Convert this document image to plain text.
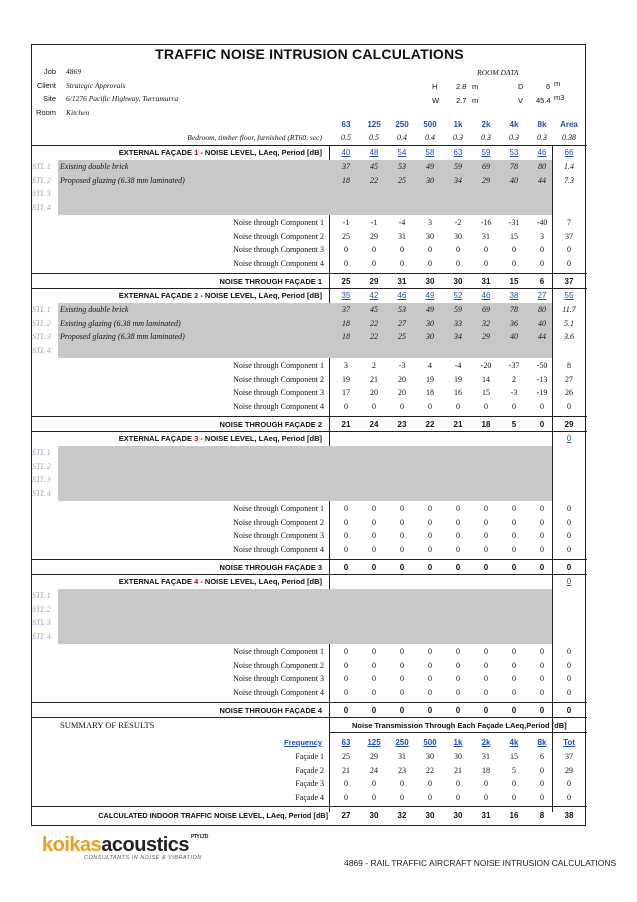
TRAFFIC NOISE INTRUSION CALCULATIONS
Job 4869
Client Strategic Approvals
Site 6/1276 Pacific Highway, Turramurra
Room Kitchen
ROOM DATA
H 2.8 m	D	6 m
W 2.7 m	V 45.4 m3
63	125	250	500	1k	2k	4k	8k	Area
Bedroom, timber floor, furnished (RT60, sec)	0.5	0.5	0.4	0.4	0.3	0.3	0.3	0.3	0.38
EXTERNAL FAÇADE 1 - NOISE LEVEL, LAeq, Period [dB]	40	48	54	58	63	59	53	46	66
STL 1 Existing double brick	37	45	53	49	59	69	78	80	1.4
STL 2 Proposed glazing (6.38 mm laminated)	18	22	25	30	34	29	40	44	7.3
STL 3
STL 4
Noise through Component 1	-1	-1	-4	3	-2	-16	-31	-40	7
Noise through Component 2	25	29	31	30	30	31	15	3	37
Noise through Component 3	0	0	0	0	0	0	0	0	0
Noise through Component 4	0	0	0	0	0	0	0	0	0
NOISE THROUGH FAÇADE 1	25	29	31	30	30	31	15	6	37
EXTERNAL FAÇADE 2 - NOISE LEVEL, LAeq, Period [dB]	35	42	46	49	52	46	38	27	55
STL 1 Existing double brick	37	45	53	49	59	69	78	80	11.7
STL 2 Existing glazing (6.38 mm laminated)	18	22	27	30	33	32	36	40	5.1
STL 3 Proposed glazing (6.38 mm laminated)	18	22	25	30	34	29	40	44	3.6
STL 4
Noise through Component 1	3	2	-3	4	-4	-20	-37	-50	8
Noise through Component 2	19	21	20	19	19	14	2	-13	27
Noise through Component 3	17	20	20	18	16	15	-3	-19	26
Noise through Component 4	0	0	0	0	0	0	0	0	0
NOISE THROUGH FAÇADE 2	21	24	23	22	21	18	5	0	29
EXTERNAL FAÇADE 3 - NOISE LEVEL, LAeq, Period [dB]	0
STL 1
STL 2
STL 3
STL 4
Noise through Component 1	0	0	0	0	0	0	0	0	0
Noise through Component 2	0	0	0	0	0	0	0	0	0
Noise through Component 3	0	0	0	0	0	0	0	0	0
Noise through Component 4	0	0	0	0	0	0	0	0	0
NOISE THROUGH FAÇADE 3	0	0	0	0	0	0	0	0	0
EXTERNAL FAÇADE 4 - NOISE LEVEL, LAeq, Period [dB]	0
STL 1
STL 2
STL 3
STL 4
Noise through Component 1	0	0	0	0	0	0	0	0	0
Noise through Component 2	0	0	0	0	0	0	0	0	0
Noise through Component 3	0	0	0	0	0	0	0	0	0
Noise through Component 4	0	0	0	0	0	0	0	0	0
NOISE THROUGH FAÇADE 4	0	0	0	0	0	0	0	0	0
SUMMARY OF RESULTS	Noise Transmission Through Each Façade LAeq,Period [dB]
Frequency	63	125	250	500	1k	2k	4k	8k	Tot
Façade 1	25	29	31	30	30	31	15	6	37
Façade 2	21	24	23	22	21	18	5	0	29
Façade 3	0	0	0	0	0	0	0	0	0
Façade 4	0	0	0	0	0	0	0	0	0
CALCULATED INDOOR TRAFFIC NOISE LEVEL, LAeq, Period [dB]	27	30	32	30	30	31	16	8	38
koikasacoustics $^{PTY LTD}$
CONSULTANTS IN NOISE & VIBRATION	4869 - RAIL TRAFFIC AIRCRAFT NOISE INTRUSION CALCULATIONS
